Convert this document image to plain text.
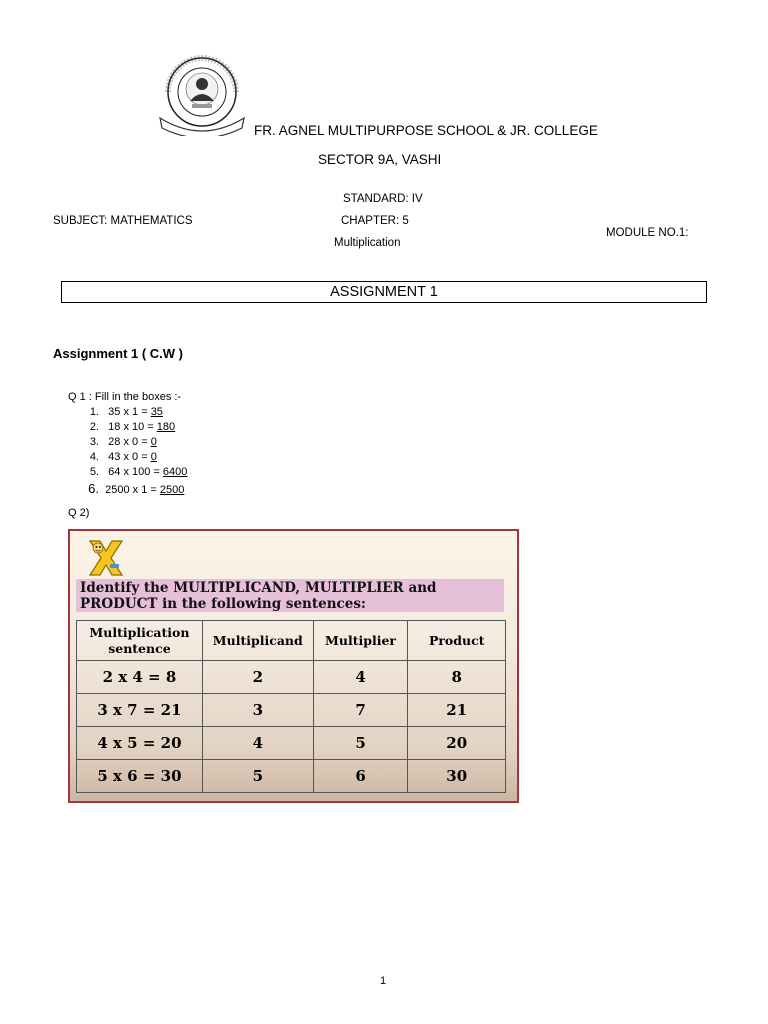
FR. AGNEL MULTIPURPOSE SCHOOL & JR. COLLEGE
SECTOR 9A, VASHI
STANDARD: IV
SUBJECT: MATHEMATICS	CHAPTER: 5
MODULE NO.1:
Multiplication
ASSIGNMENT 1
Assignment 1 ( C.W )
Q 1 : Fill in the boxes :-
1. 35 x 1 = 35
2. 18 x 10 = 180
3. 28 x 0 = 0
4. 43 x 0 = 0
5. 64 x 100 = 6400
6. 2500 x 1 = 2500
Q 2)
Identify the MULTIPLICAND, MULTIPLIER and
PRODUCT in the following sentences:
Multiplication sentence	Multiplicand	Multiplier	Product
2 x 4 = 8	2	4	8
3 x 7 = 21	3	7	21
4 x 5 = 20	4	5	20
5 x 6 = 30	5	6	30
1
